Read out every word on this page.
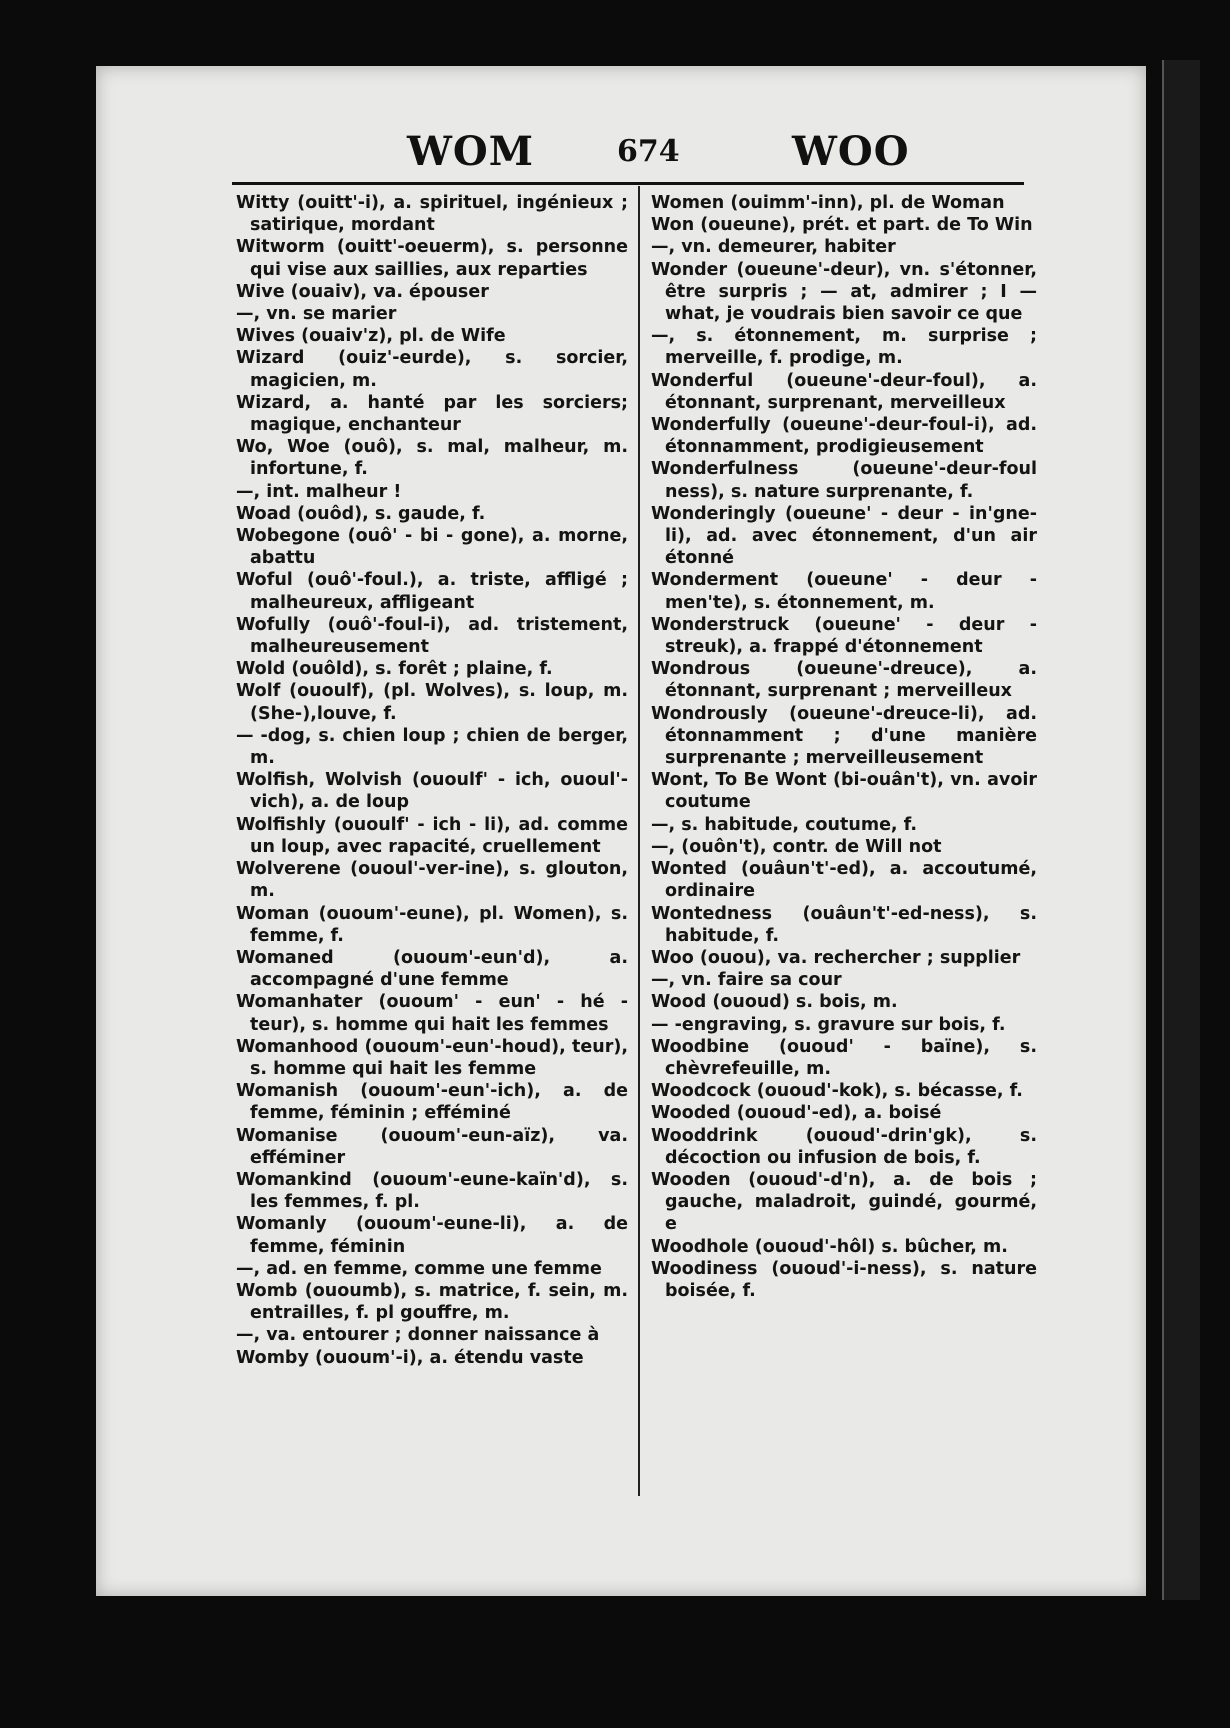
WOM	674	WOO
Witty (ouitt'-i), a. spirituel, ingénieux ; satirique, mordant
Witworm (ouitt'-oeuerm), s. personne qui vise aux saillies, aux reparties
Wive (ouaiv), va. épouser
—, vn. se marier
Wives (ouaiv'z), pl. de Wife
Wizard (ouiz'-eurde), s. sorcier, magicien, m.
Wizard, a. hanté par les sorciers; magique, enchanteur
Wo, Woe (ouô), s. mal, malheur, m. infortune, f.
—, int. malheur !
Woad (ouôd), s. gaude, f.
Wobegone (ouô' - bi - gone), a. morne, abattu
Woful (ouô'-foul.), a. triste, affligé ; malheureux, affligeant
Wofully (ouô'-foul-i), ad. tristement, malheureusement
Wold (ouôld), s. forêt ; plaine, f.
Wolf (ououlf), (pl. Wolves), s. loup, m. (She-),louve, f.
— -dog, s. chien loup ; chien de berger, m.
Wolfish, Wolvish (ououlf' - ich, ououl'-vich), a. de loup
Wolfishly (ououlf' - ich - li), ad. comme un loup, avec rapacité, cruellement
Wolverene (ououl'-ver-ine), s. glouton, m.
Woman (ououm'-eune), pl. Women), s. femme, f.
Womaned (ououm'-eun'd), a. accompagné d'une femme
Womanhater (ououm' - eun' - hé - teur), s. homme qui hait les femmes
Womanhood (ououm'-eun'-houd), teur), s. homme qui hait les femme
Womanish (ououm'-eun'-ich), a. de femme, féminin ; efféminé
Womanise (ououm'-eun-aïz), va. efféminer
Womankind (ououm'-eune-kaïn'd), s. les femmes, f. pl.
Womanly (ououm'-eune-li), a. de femme, féminin
—, ad. en femme, comme une femme
Womb (ououmb), s. matrice, f. sein, m. entrailles, f. pl gouffre, m.
—, va. entourer ; donner naissance à
Womby (ououm'-i), a. étendu vaste
Women (ouimm'-inn), pl. de Woman
Won (oueune), prét. et part. de To Win
—, vn. demeurer, habiter
Wonder (oueune'-deur), vn. s'étonner, être surpris ; — at, admirer ; I — what, je voudrais bien savoir ce que
—, s. étonnement, m. surprise ; merveille, f. prodige, m.
Wonderful (oueune'-deur-foul), a. étonnant, surprenant, merveilleux
Wonderfully (oueune'-deur-foul-i), ad. étonnamment, prodigieusement
Wonderfulness (oueune'-deur-foul ness), s. nature surprenante, f.
Wonderingly (oueune' - deur - in'gne-li), ad. avec étonnement, d'un air étonné
Wonderment (oueune' - deur - men'te), s. étonnement, m.
Wonderstruck (oueune' - deur - streuk), a. frappé d'étonnement
Wondrous (oueune'-dreuce), a. étonnant, surprenant ; merveilleux
Wondrously (oueune'-dreuce-li), ad. étonnamment ; d'une manière surprenante ; merveilleusement
Wont, To Be Wont (bi-ouân't), vn. avoir coutume
—, s. habitude, coutume, f.
—, (ouôn't), contr. de Will not
Wonted (ouâun't'-ed), a. accoutumé, ordinaire
Wontedness (ouâun't'-ed-ness), s. habitude, f.
Woo (ouou), va. rechercher ; supplier
—, vn. faire sa cour
Wood (ououd) s. bois, m.
— -engraving, s. gravure sur bois, f.
Woodbine (ououd' - baïne), s. chèvrefeuille, m.
Woodcock (ououd'-kok), s. bécasse, f.
Wooded (ououd'-ed), a. boisé
Wooddrink (ououd'-drin'gk), s. décoction ou infusion de bois, f.
Wooden (ououd'-d'n), a. de bois ; gauche, maladroit, guindé, gourmé, e
Woodhole (ououd'-hôl) s. bûcher, m.
Woodiness (ououd'-i-ness), s. nature boisée, f.
